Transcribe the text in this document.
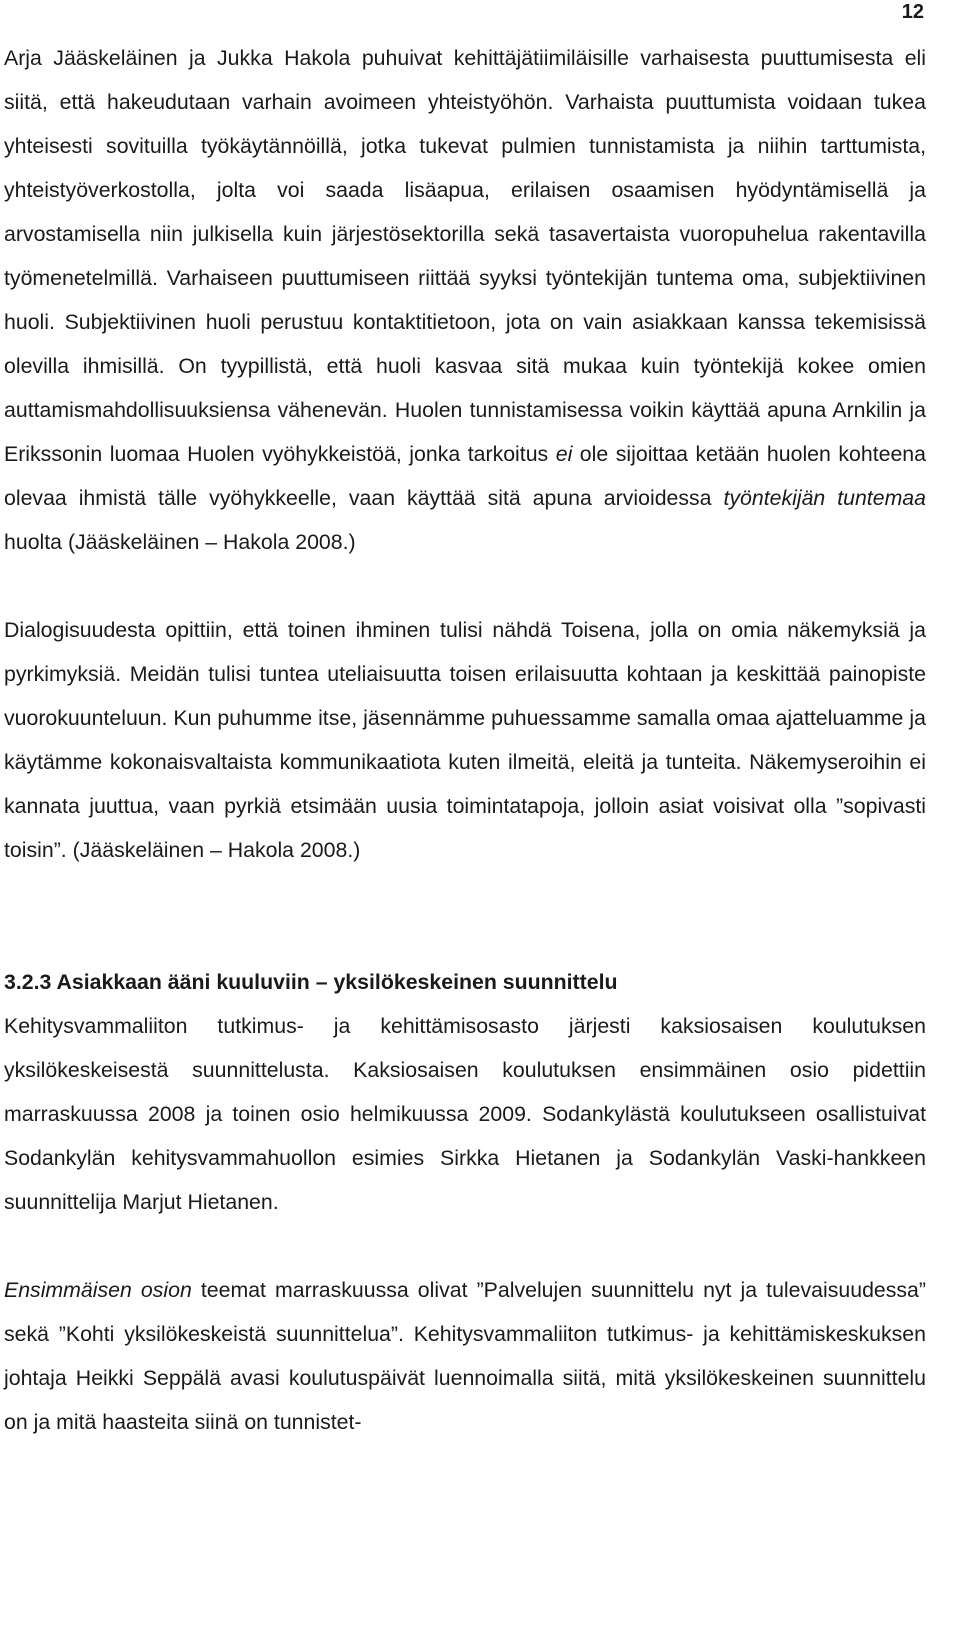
12

Arja Jääskeläinen ja Jukka Hakola puhuivat kehittäjätiimiläisille varhaisesta puuttumisesta eli siitä, että hakeudutaan varhain avoimeen yhteistyöhön. Varhaista puuttumista voidaan tukea yhteisesti sovituilla työkäytännöillä, jotka tukevat pulmien tunnistamista ja niihin tarttumista, yhteistyöverkostolla, jolta voi saada lisäapua, erilaisen osaamisen hyödyntämisellä ja arvostamisella niin julkisella kuin järjestösektorilla sekä tasavertaista vuoropuhelua rakentavilla työmenetelmillä. Varhaiseen puuttumiseen riittää syyksi työntekijän tuntema oma, subjektiivinen huoli. Subjektiivinen huoli perustuu kontaktitietoon, jota on vain asiakkaan kanssa tekemisissä olevilla ihmisillä. On tyypillistä, että huoli kasvaa sitä mukaa kuin työntekijä kokee omien auttamismahdollisuuksiensa vähenevän. Huolen tunnistamisessa voikin käyttää apuna Arnkilin ja Erikssonin luomaa Huolen vyöhykkeistöä, jonka tarkoitus ei ole sijoittaa ketään huolen kohteena olevaa ihmistä tälle vyöhykkeelle, vaan käyttää sitä apuna arvioidessa työntekijän tuntemaa huolta (Jääskeläinen – Hakola 2008.)

Dialogisuudesta opittiin, että toinen ihminen tulisi nähdä Toisena, jolla on omia näkemyksiä ja pyrkimyksiä. Meidän tulisi tuntea uteliaisuutta toisen erilaisuutta kohtaan ja keskittää painopiste vuorokuunteluun. Kun puhumme itse, jäsennämme puhuessamme samalla omaa ajatteluamme ja käytämme kokonaisvaltaista kommunikaatiota kuten ilmeitä, eleitä ja tunteita. Näkemyseroihin ei kannata juuttua, vaan pyrkiä etsimään uusia toimintatapoja, jolloin asiat voisivat olla ”sopivasti toisin”. (Jääskeläinen – Hakola 2008.)

3.2.3 Asiakkaan ääni kuuluviin – yksilökeskeinen suunnittelu

Kehitysvammaliiton tutkimus- ja kehittämisosasto järjesti kaksiosaisen koulutuksen yksilökeskeisestä suunnittelusta. Kaksiosaisen koulutuksen ensimmäinen osio pidettiin marraskuussa 2008 ja toinen osio helmikuussa 2009. Sodankylästä koulutukseen osallistuivat Sodankylän kehitysvammahuollon esimies Sirkka Hietanen ja Sodankylän Vaski-hankkeen suunnittelija Marjut Hietanen.

Ensimmäisen osion teemat marraskuussa olivat ”Palvelujen suunnittelu nyt ja tulevaisuudessa” sekä ”Kohti yksilökeskeistä suunnittelua”. Kehitysvammaliiton tutkimus- ja kehittämiskeskuksen johtaja Heikki Seppälä avasi koulutuspäivät luennoimalla siitä, mitä yksilökeskeinen suunnittelu on ja mitä haasteita siinä on tunnistet-
